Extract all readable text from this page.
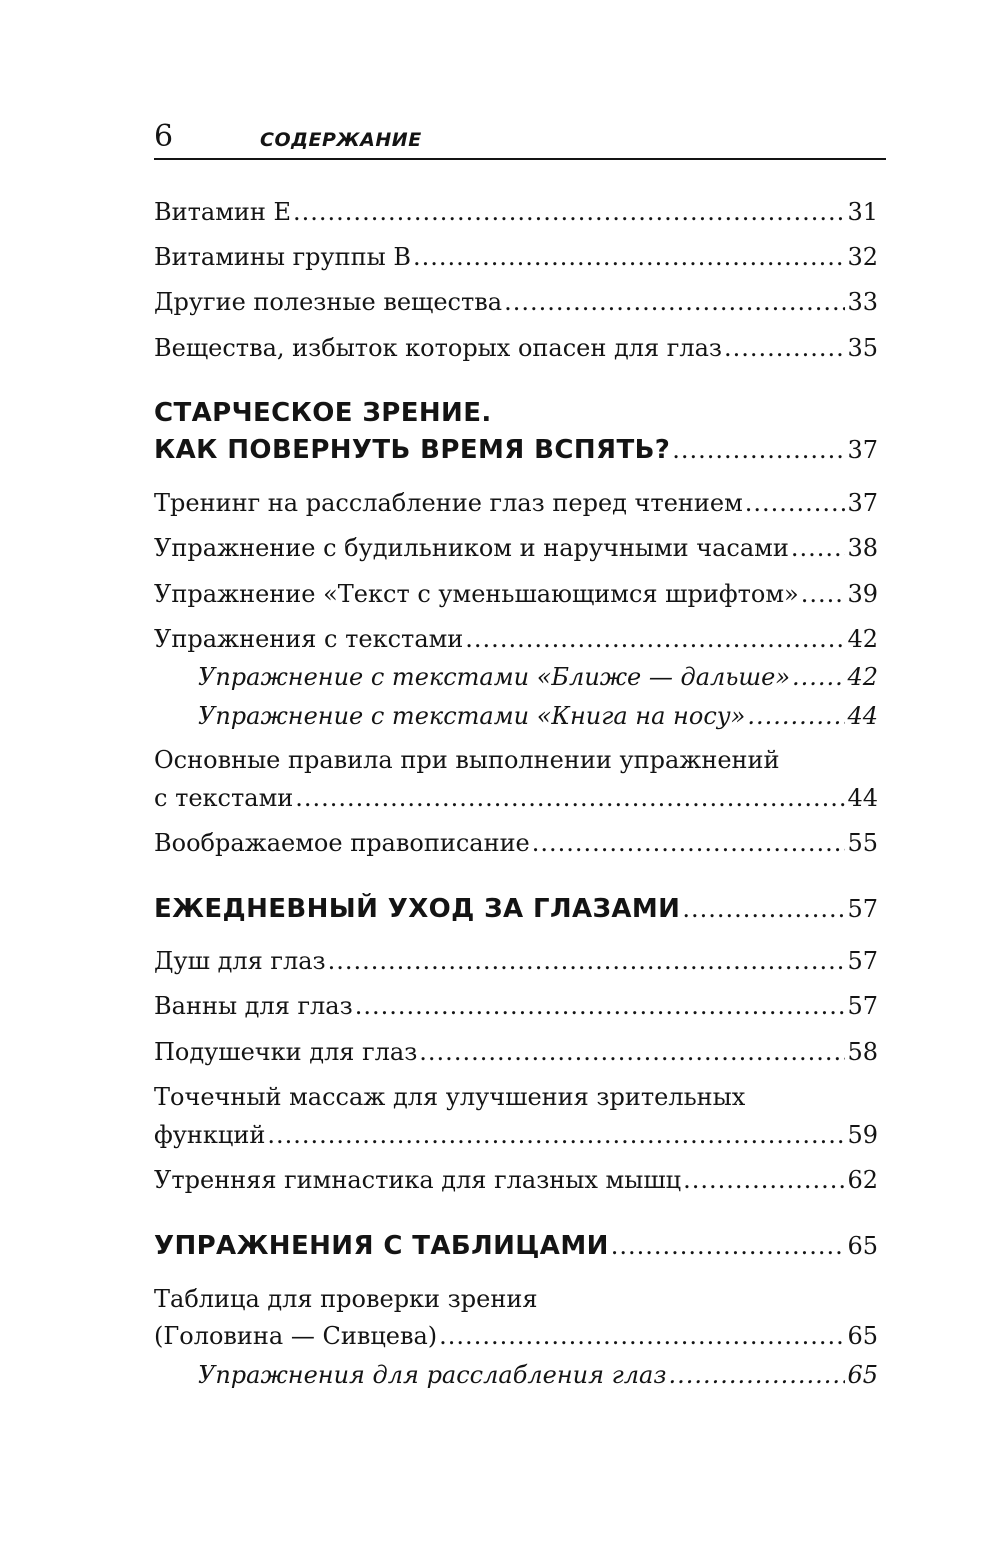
6	СОДЕРЖАНИЕ
Витамин Е .....	31
Витамины группы В .....	32
Другие полезные вещества .....	33
Вещества, избыток которых опасен для глаз .....	35
СТАРЧЕСКОЕ ЗРЕНИЕ.
КАК ПОВЕРНУТЬ ВРЕМЯ ВСПЯТЬ? .....	37
Тренинг на расслабление глаз перед чтением .....	37
Упражнение с будильником и наручными часами ..... 38
Упражнение «Текст с уменьшающимся шрифтом» ..... 39
Упражнения с текстами .....	42
Упражнение с текстами «Ближе — дальше» ..... 42
Упражнение с текстами «Книга на носу» .....	44
Основные правила при выполнении упражнений
с текстами .....	44
Воображаемое правописание .....	55
ЕЖЕДНЕВНЫЙ УХОД ЗА ГЛАЗАМИ .....	57
Душ для глаз .....	57
Ванны для глаз .....	57
Подушечки для глаз .....	58
Точечный массаж для улучшения зрительных
функций .....	59
Утренняя гимнастика для глазных мышц .....	62
УПРАЖНЕНИЯ С ТАБЛИЦАМИ .....	65
Таблица для проверки зрения
(Головина — Сивцева) .....	65
Упражнения для расслабления глаз .....	65
